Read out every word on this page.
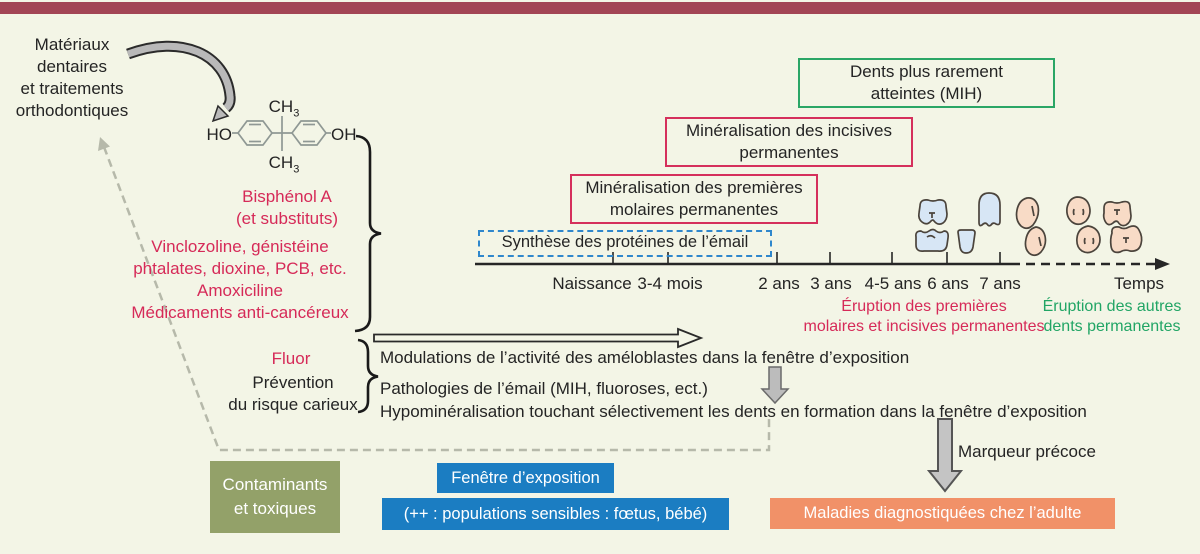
Matériaux
dentaires
et traitements
orthodontiques
HO	OH
$CH_3$
$CH_3$
Bisphénol A
(et substituts)
Vinclozoline, génistéine
phtalates, dioxine, PCB, etc.
Amoxiciline
Médicaments anti-cancéreux
Fluor
Prévention
du risque carieux
Dents plus rarement
atteintes (MIH)
Minéralisation des incisives
permanentes
Minéralisation des premières
molaires permanentes
Synthèse des protéines de l’émail
Naissance 3-4 mois	2 ans 3 ans 4-5 ans 6 ans 7 ans	Temps
Éruption des premières
molaires et incisives permanentes
Éruption des autres
dents permanentes
Modulations de l’activité des améloblastes dans la fenêtre d’exposition
Pathologies de l’émail (MIH, fluoroses, ect.)
Hypominéralisation touchant sélectivement les dents en formation dans la fenêtre d’exposition
Marqueur précoce
Contaminants
et toxiques
Fenêtre d’exposition
(++ : populations sensibles : fœtus, bébé)	Maladies diagnostiquées chez l’adulte
